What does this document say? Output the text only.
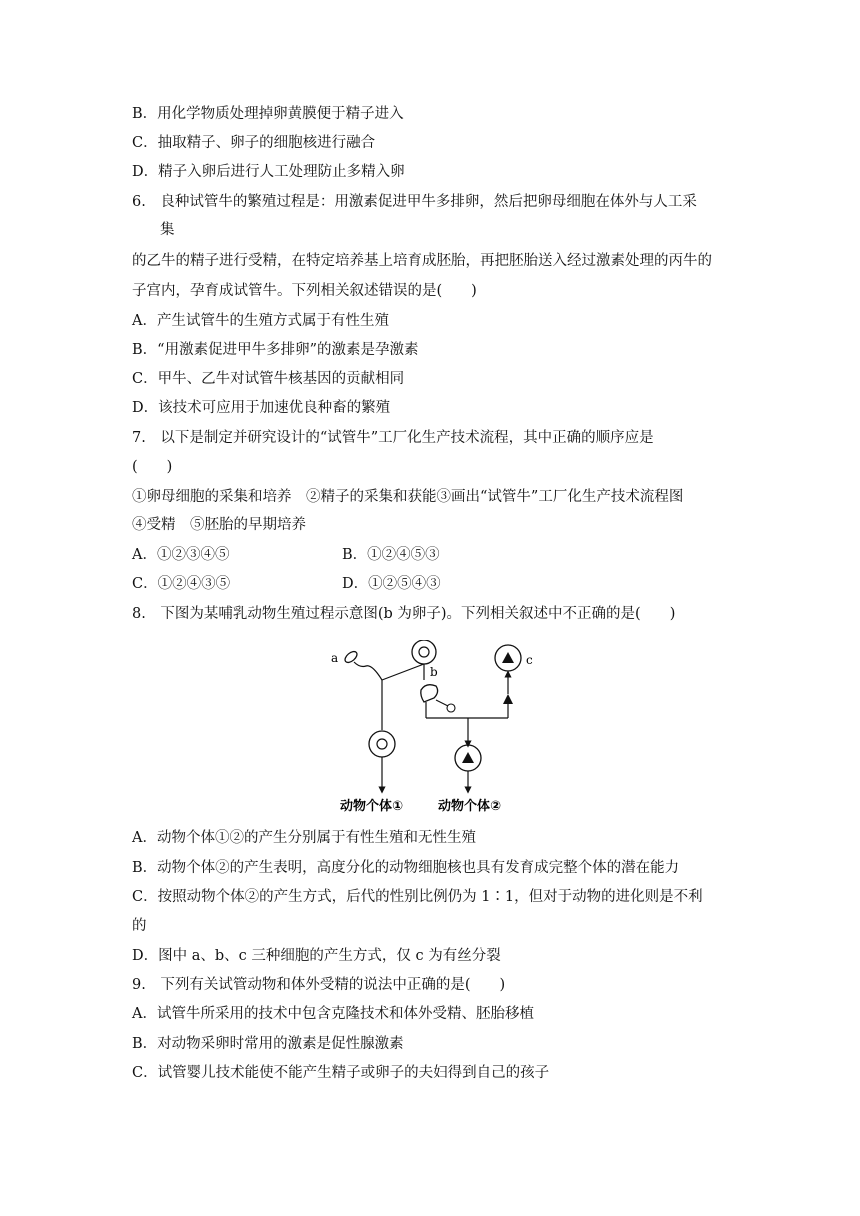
B．用化学物质处理掉卵黄膜便于精子进入
C．抽取精子、卵子的细胞核进行融合
D．精子入卵后进行人工处理防止多精入卵
6.　良种试管牛的繁殖过程是：用激素促进甲牛多排卵，然后把卵母细胞在体外与人工采
集
的乙牛的精子进行受精，在特定培养基上培育成胚胎，再把胚胎送入经过激素处理的丙牛的
子宫内，孕育成试管牛。下列相关叙述错误的是(　　)
A．产生试管牛的生殖方式属于有性生殖
B．“用激素促进甲牛多排卵”的激素是孕激素
C．甲牛、乙牛对试管牛核基因的贡献相同
D．该技术可应用于加速优良种畜的繁殖
7.　以下是制定并研究设计的“试管牛”工厂化生产技术流程，其中正确的顺序应是
(　　)
①卵母细胞的采集和培养　②精子的采集和获能③画出“试管牛”工厂化生产技术流程图
④受精　⑤胚胎的早期培养
A．①②③④⑤	B．①②④⑤③
C．①②④③⑤	D．①②⑤④③
8.　下图为某哺乳动物生殖过程示意图(b 为卵子)。下列相关叙述中不正确的是(　　)
a
b
c
动物个体①	动物个体②
A．动物个体①②的产生分别属于有性生殖和无性生殖
B．动物个体②的产生表明，高度分化的动物细胞核也具有发育成完整个体的潜在能力
C．按照动物个体②的产生方式，后代的性别比例仍为 1∶1，但对于动物的进化则是不利
的
D．图中 a、b、c 三种细胞的产生方式，仅 c 为有丝分裂
9.　下列有关试管动物和体外受精的说法中正确的是(　　)
A．试管牛所采用的技术中包含克隆技术和体外受精、胚胎移植
B．对动物采卵时常用的激素是促性腺激素
C．试管婴儿技术能使不能产生精子或卵子的夫妇得到自己的孩子
